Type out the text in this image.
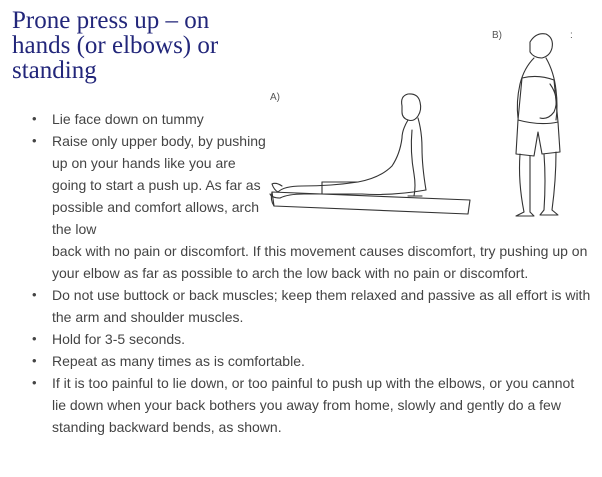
Prone press up – on hands (or elbows) or standing
A)
B)	:
• Lie face down on tummy
• Raise only upper body, by pushing up on your hands like you are going to start a push up. As far as possible and comfort allows, arch the low
back with no pain or discomfort. If this movement causes discomfort, try pushing up on your elbow as far as possible to arch the low back with no pain or discomfort.
• Do not use buttock or back muscles; keep them relaxed and passive as all effort is with the arm and shoulder muscles.
• Hold for 3-5 seconds.
• Repeat as many times as is comfortable.
• If it is too painful to lie down, or too painful to push up with the elbows, or you cannot lie down when your back bothers you away from home, slowly and gently do a few standing backward bends, as shown.
